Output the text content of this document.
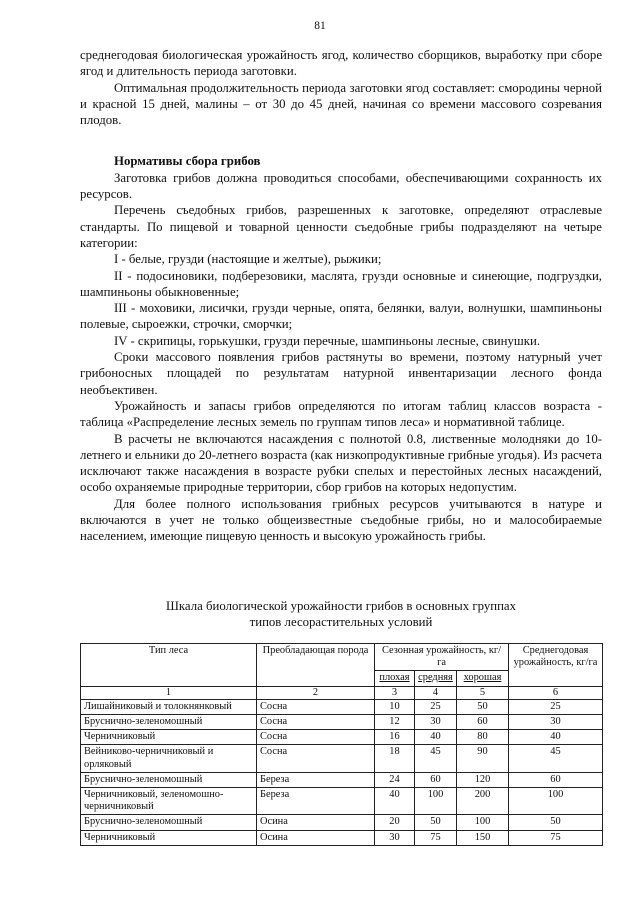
81

среднегодовая биологическая урожайность ягод, количество сборщиков, выработку при сборе ягод и длительность периода заготовки.

Оптимальная продолжительность периода заготовки ягод составляет: смородины черной и красной 15 дней, малины – от 30 до 45 дней, начиная со времени массового созревания плодов.

Нормативы сбора грибов

Заготовка грибов должна проводиться способами, обеспечивающими сохранность их ресурсов.

Перечень съедобных грибов, разрешенных к заготовке, определяют отраслевые стандарты. По пищевой и товарной ценности съедобные грибы подразделяют на четыре категории:

I - белые, грузди (настоящие и желтые), рыжики;

II - подосиновики, подберезовики, маслята, грузди основные и синеющие, подгруздки, шампиньоны обыкновенные;

III - моховики, лисички, грузди черные, опята, белянки, валуи, волнушки, шампиньоны полевые, сыроежки, строчки, сморчки;

IV - скрипицы, горькушки, грузди перечные, шампиньоны лесные, свинушки.

Сроки массового появления грибов растянуты во времени, поэтому натурный учет грибоносных площадей по результатам натурной инвентаризации лесного фонда необъективен.

Урожайность и запасы грибов определяются по итогам таблиц классов возраста - таблица «Распределение лесных земель по группам типов леса» и нормативной таблице.

В расчеты не включаются насаждения с полнотой 0.8, лиственные молодняки до 10-летнего и ельники до 20-летнего возраста (как низкопродуктивные грибные угодья). Из расчета исключают также насаждения в возрасте рубки спелых и перестойных лесных насаждений, особо охраняемые природные территории, сбор грибов на которых недопустим.

Для более полного использования грибных ресурсов учитываются в натуре и включаются в учет не только общеизвестные съедобные грибы, но и малособираемые населением, имеющие пищевую ценность и высокую урожайность грибы.

Шкала биологической урожайности грибов в основных группах
типов лесорастительных условий
Тип леса	Преобладающая порода	Сезонная урожайность, кг/га			Среднегодовая урожайность, кг/га
		плохая	средняя	хорошая	
1	2	3	4	5	6
Лишайниковый и толокнянковый	Сосна	10	25	50	25
Бруснично-зеленомошный	Сосна	12	30	60	30
Черничниковый	Сосна	16	40	80	40
Вейниково-черничниковый и орляковый	Сосна	18	45	90	45
Бруснично-зеленомошный	Береза	24	60	120	60
Черничниковый, зеленомошно-черничниковый	Береза	40	100	200	100
Бруснично-зеленомошный	Осина	20	50	100	50
Черничниковый	Осина	30	75	150	75
